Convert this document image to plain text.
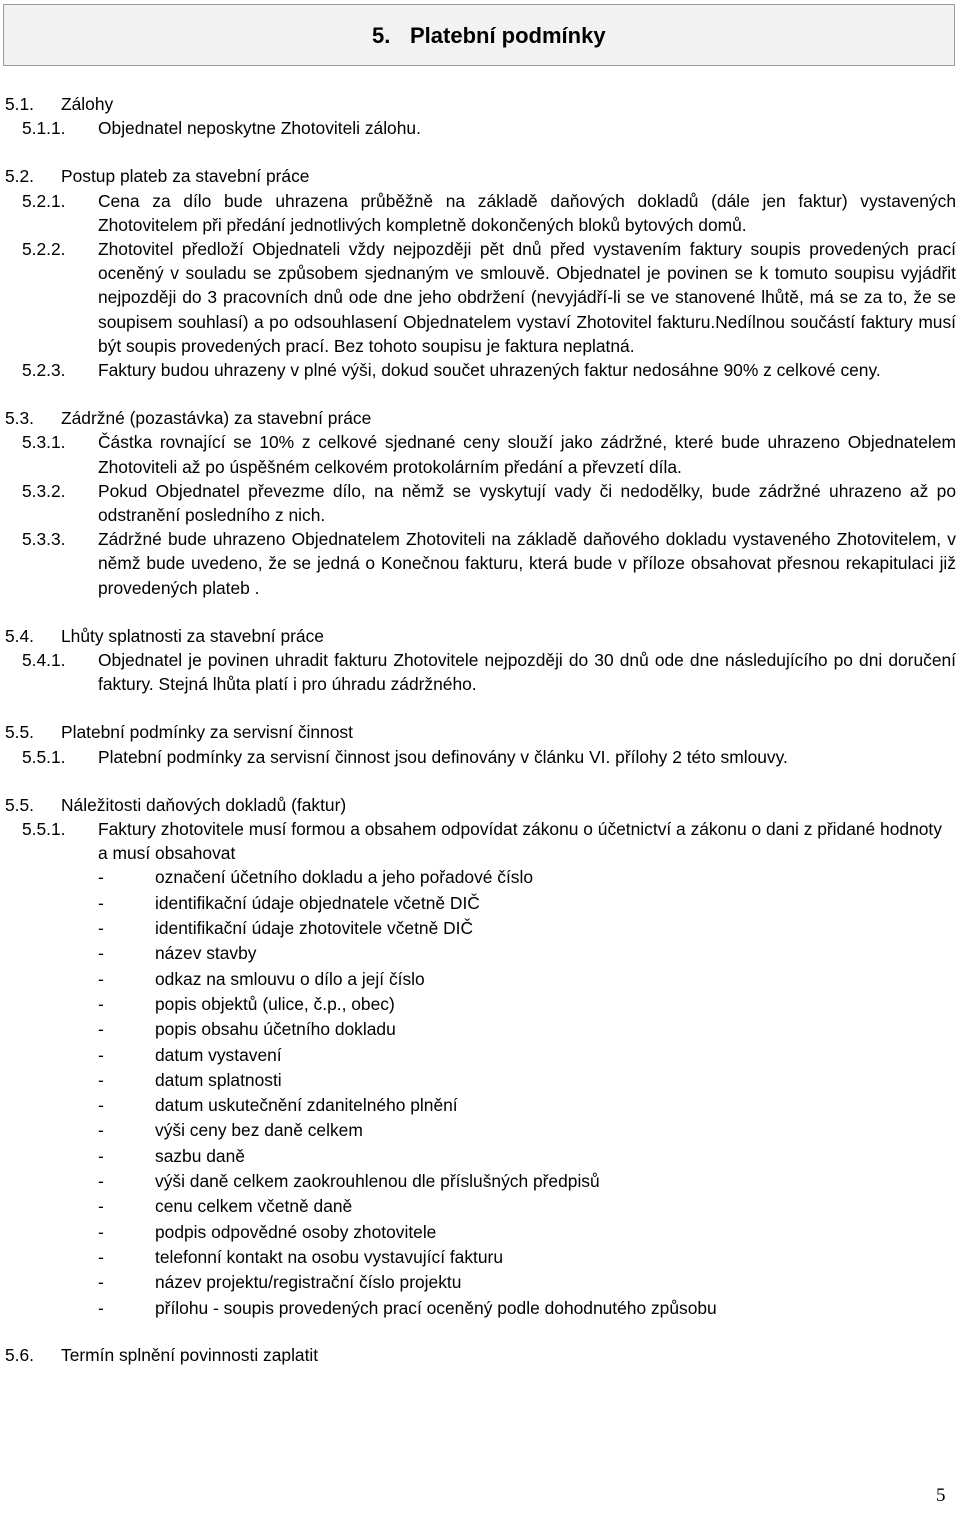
5. Platební podmínky
5.1. Zálohy
5.1.1. Objednatel neposkytne Zhotoviteli zálohu.
5.2. Postup plateb za stavební práce
5.2.1. Cena za dílo bude uhrazena průběžně na základě daňových dokladů (dále jen faktur) vystavených Zhotovitelem při předání jednotlivých kompletně dokončených bloků bytových domů.
5.2.2. Zhotovitel předloží Objednateli vždy nejpozději pět dnů před vystavením faktury soupis provedených prací oceněný v souladu se způsobem sjednaným ve smlouvě. Objednatel je povinen se k tomuto soupisu vyjádřit nejpozději do 3 pracovních dnů ode dne jeho obdržení (nevyjádří-li se ve stanovené lhůtě, má se za to, že se soupisem souhlasí) a po odsouhlasení Objednatelem vystaví Zhotovitel fakturu.Nedílnou součástí faktury musí být soupis provedených prací. Bez tohoto soupisu je faktura neplatná.
5.2.3. Faktury budou uhrazeny v plné výši, dokud součet uhrazených faktur nedosáhne 90% z celkové ceny.
5.3. Zádržné (pozastávka) za stavební práce
5.3.1. Částka rovnající se 10% z celkové sjednané ceny slouží jako zádržné, které bude uhrazeno Objednatelem Zhotoviteli až po úspěšném celkovém protokolárním předání a převzetí díla.
5.3.2. Pokud Objednatel převezme dílo, na němž se vyskytují vady či nedodělky, bude zádržné uhrazeno až po odstranění posledního z nich.
5.3.3. Zádržné bude uhrazeno Objednatelem Zhotoviteli na základě daňového dokladu vystaveného Zhotovitelem, v němž bude uvedeno, že se jedná o Konečnou fakturu, která bude v příloze obsahovat přesnou rekapitulaci již provedených plateb .
5.4. Lhůty splatnosti za stavební práce
5.4.1. Objednatel je povinen uhradit fakturu Zhotovitele nejpozději do 30 dnů ode dne následujícího po dni doručení faktury. Stejná lhůta platí i pro úhradu zádržného.
5.5. Platební podmínky za servisní činnost
5.5.1. Platební podmínky za servisní činnost jsou definovány v článku VI. přílohy 2 této smlouvy.
5.5. Náležitosti daňových dokladů (faktur)
5.5.1. Faktury zhotovitele musí formou a obsahem odpovídat zákonu o účetnictví a zákonu o dani z přidané hodnoty a musí obsahovat
-	označení účetního dokladu a jeho pořadové číslo
-	identifikační údaje objednatele včetně DIČ
-	identifikační údaje zhotovitele včetně DIČ
-	název stavby
-	odkaz na smlouvu o dílo a její číslo
-	popis objektů (ulice, č.p., obec)
-	popis obsahu účetního dokladu
-	datum vystavení
-	datum splatnosti
-	datum uskutečnění zdanitelného plnění
-	výši ceny bez daně celkem
-	sazbu daně
-	výši daně celkem zaokrouhlenou dle příslušných předpisů
-	cenu celkem včetně daně
-	podpis odpovědné osoby zhotovitele
-	telefonní kontakt na osobu vystavující fakturu
-	název projektu/registrační číslo projektu
-	přílohu - soupis provedených prací oceněný podle dohodnutého způsobu
5.6. Termín splnění povinnosti zaplatit
5
